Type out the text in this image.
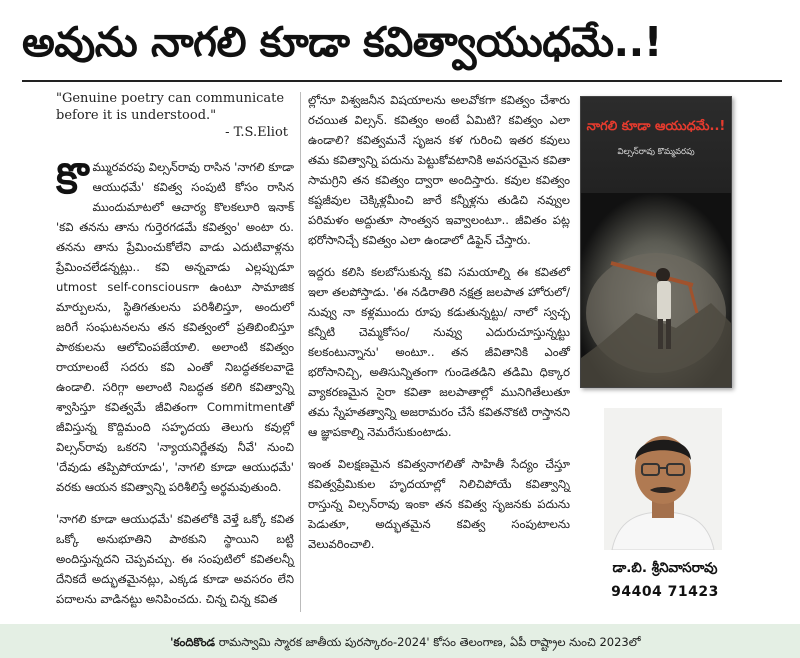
అవును నాగలి కూడా కవిత్వాయుధమే..!

"Genuine poetry can communicate before it is understood."

- T.S.Eliot

కొ మ్మురవరపు విల్సన్‌రావు రాసిన 'నాగలి కూడా ఆయుధమే' కవిత్వ సంపుటి కోసం రాసిన ముందుమాటలో ఆచార్య కొలకలూరి ఇనాక్ 'కవి తనను తాను గుర్తెరగడమే కవిత్వం' అంటా రు. తనను తాను ప్రేమించుకోలేని వాడు ఎదుటివాళ్లను ప్రేమించలేడన్నట్లు.. కవి అన్నవాడు ఎల్లప్పుడూ utmost self-consciousగా ఉంటూ సామాజిక మార్పులను, స్థితిగతులను పరిశీలిస్తూ, అందులో జరిగే సంఘటనలను తన కవిత్వంలో ప్రతిబింబిస్తూ పాఠకులను ఆలోచింపజేయాలి. అలాంటి కవిత్వం రాయాలంటే సదరు కవి ఎంతో నిబద్ధతకలవాడై ఉండాలి. సరిగ్గా అలాంటి నిబద్ధత కలిగి కవిత్వాన్ని శ్వాసిస్తూ కవిత్వమే జీవితంగా Commitmentతో జీవిస్తున్న కొద్దిమంది సహృదయ తెలుగు కవుల్లో విల్సన్‌రావు ఒకరని 'న్యాయనిర్ణేతవు నీవే' నుంచి 'దేవుడు తప్పిపోయాడు', 'నాగలి కూడా ఆయుధమే' వరకు ఆయన కవిత్వాన్ని పరిశీలిస్తే అర్థమవుతుంది.

'నాగలి కూడా ఆయుధమే' కవితలోకి వెళ్తే ఒక్కో కవిత ఒక్కో అనుభూతిని పాఠకుని స్థాయిని బట్టి అందిస్తున్నదని చెప్పవచ్చు. ఈ సంపుటిలో కవితలన్నీ దేనికదే అద్భుతమైనట్లు, ఎక్కడ కూడా అవసరం లేని పదాలను వాడినట్టు అనిపించదు. చిన్న చిన్న కవిత

ల్లోనూ విశ్వజనీన విషయాలను అలవోకగా కవిత్వం చేశారు రచయిత విల్సన్. కవిత్వం అంటే ఏమిటి? కవిత్వం ఎలా ఉండాలి? కవిత్వమనే సృజన కళ గురించి ఇతర కవులు తమ కవిత్వాన్ని పదును పెట్టుకోవటానికి అవసరమైన కవితా సామగ్రిని తన కవిత్వం ద్వారా అందిస్తారు. కవుల కవిత్వం కష్టజీవుల చెక్కిళ్లమీంచి జారే కన్నీళ్లను తుడిచి నవ్వుల పరిమళం అద్దుతూ సాంత్వన ఇవ్వాలంటూ.. జీవితం పట్ల భరోసానిచ్చే కవిత్వం ఎలా ఉండాలో డిఫైన్ చేస్తారు.

ఇద్దరు కలిసి కలబోసుకున్న కవి సమయాల్ని ఈ కవితలో ఇలా తలపోస్తాడు. 'ఈ నడిరాతిరి నక్షత్ర జలపాత హోరులో/ నువ్వు నా కళ్లముందు రూపు కడుతున్నట్టు/ నాలో స్వచ్ఛ కన్నీటి చెమ్మకోసం/ నువ్వు ఎదురుచూస్తున్నట్టు కలకంటున్నాను' అంటూ.. తన జీవితానికి ఎంతో భరోసానిచ్చి, అతిసున్నితంగా గుండెతడిని తడిమి ధిక్కార వ్యాకరణమైన సైరా కవితా జలపాతాల్లో మునిగితేలుతూ తమ స్నేహతత్వాన్ని అజరామరం చేసే కవితనొకటి రాస్తానని ఆ జ్ఞాపకాల్ని నెమరేసుకుంటాడు.

ఇంత విలక్షణమైన కవిత్వనాగలితో సాహితీ సేద్యం చేస్తూ కవిత్వప్రేమికుల హృదయాల్లో నిలిచిపోయే కవిత్వాన్ని రాస్తున్న విల్సన్‌రావు ఇంకా తన కవిత్వ సృజనకు పదును పెడుతూ, అద్భుతమైన కవిత్వ సంపుటాలను వెలువరించాలి.

నాగలి కూడా ఆయుధమే..!
విల్సన్‌రావు కొమ్మవరపు
డా.బి. శ్రీనివాసరావు
94404 71423
'కందికొండ రామస్వామి స్మారక జాతీయ పురస్కారం-2024' కోసం తెలంగాణ, ఏపీ రాష్ట్రాల నుంచి 2023లో
